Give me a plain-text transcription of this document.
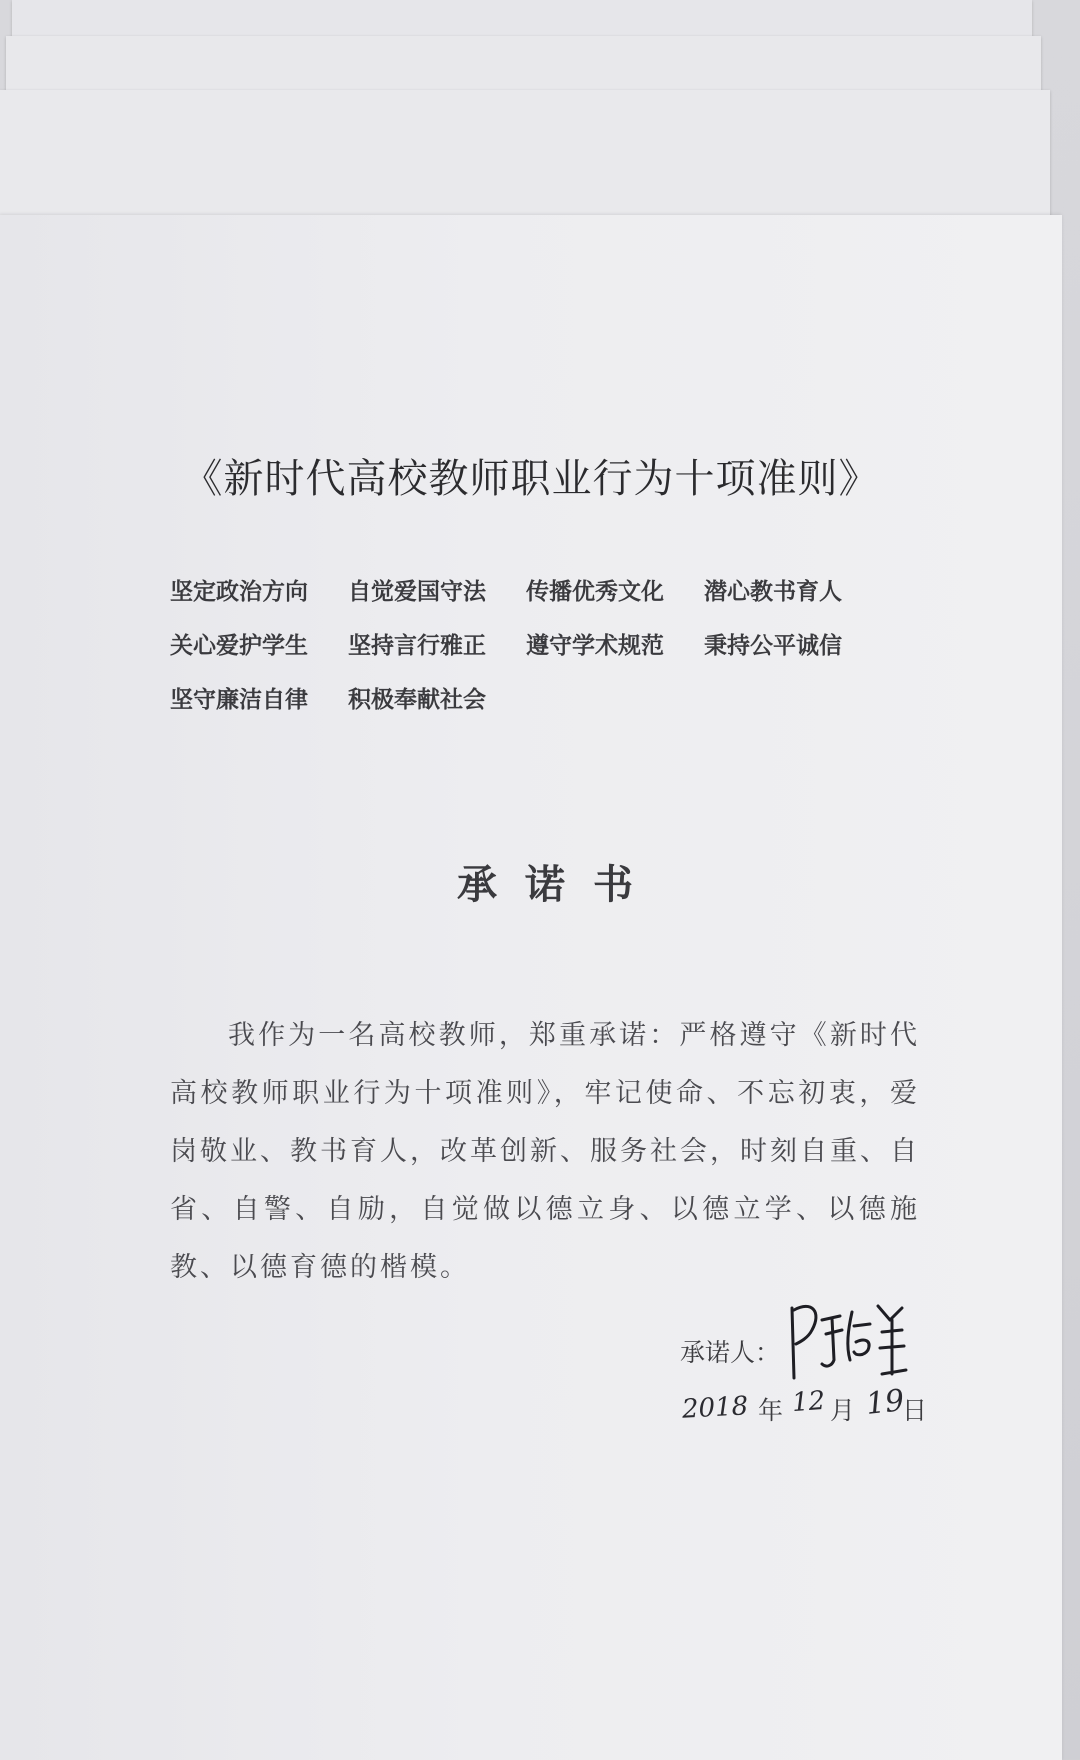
《新时代高校教师职业行为十项准则》
坚定政治方向	自觉爱国守法	传播优秀文化	潜心教书育人
关心爱护学生	坚持言行雅正	遵守学术规范	秉持公平诚信
坚守廉洁自律	积极奉献社会
承诺书

我作为一名高校教师，郑重承诺：严格遵守《新时代高校教师职业行为十项准则》，牢记使命、不忘初衷，爱岗敬业、教书育人，改革创新、服务社会，时刻自重、自省、自警、自励，自觉做以德立身、以德立学、以德施教、以德育德的楷模。

承诺人：
2018 年 12 月 19
日
